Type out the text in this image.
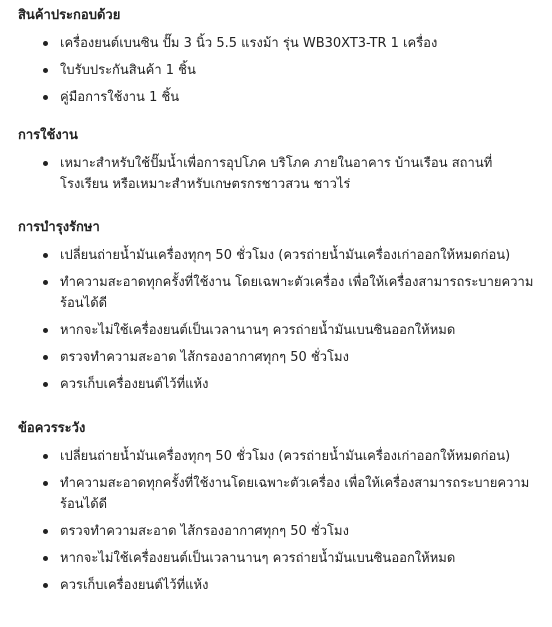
สินค้าประกอบด้วย
เครื่องยนต์เบนซิน ปั๊ม 3 นิ้ว 5.5 แรงม้า รุ่น WB30XT3-TR 1 เครื่อง
ใบรับประกันสินค้า 1 ชิ้น
คู่มือการใช้งาน 1 ชิ้น
การใช้งาน
เหมาะสำหรับใช้ปั๊มน้ำเพื่อการอุปโภค บริโภค ภายในอาคาร บ้านเรือน สถานที่โรงเรียน หรือเหมาะสำหรับเกษตรกรชาวสวน ชาวไร่
การบำรุงรักษา
เปลี่ยนถ่ายน้ำมันเครื่องทุกๆ 50 ชั่วโมง (ควรถ่ายน้ำมันเครื่องเก่าออกให้หมดก่อน)
ทำความสะอาดทุกครั้งที่ใช้งาน โดยเฉพาะตัวเครื่อง เพื่อให้เครื่องสามารถระบายความร้อนได้ดี
หากจะไม่ใช้เครื่องยนต์เป็นเวลานานๆ ควรถ่ายน้ำมันเบนซินออกให้หมด
ตรวจทำความสะอาด ไส้กรองอากาศทุกๆ 50 ชั่วโมง
ควรเก็บเครื่องยนต์ไว้ที่แห้ง
ข้อควรระวัง
เปลี่ยนถ่ายน้ำมันเครื่องทุกๆ 50 ชั่วโมง (ควรถ่ายน้ำมันเครื่องเก่าออกให้หมดก่อน)
ทำความสะอาดทุกครั้งที่ใช้งานโดยเฉพาะตัวเครื่อง เพื่อให้เครื่องสามารถระบายความร้อนได้ดี
ตรวจทำความสะอาด ไส้กรองอากาศทุกๆ 50 ชั่วโมง
หากจะไม่ใช้เครื่องยนต์เป็นเวลานานๆ ควรถ่ายน้ำมันเบนซินออกให้หมด
ควรเก็บเครื่องยนต์ไว้ที่แห้ง
